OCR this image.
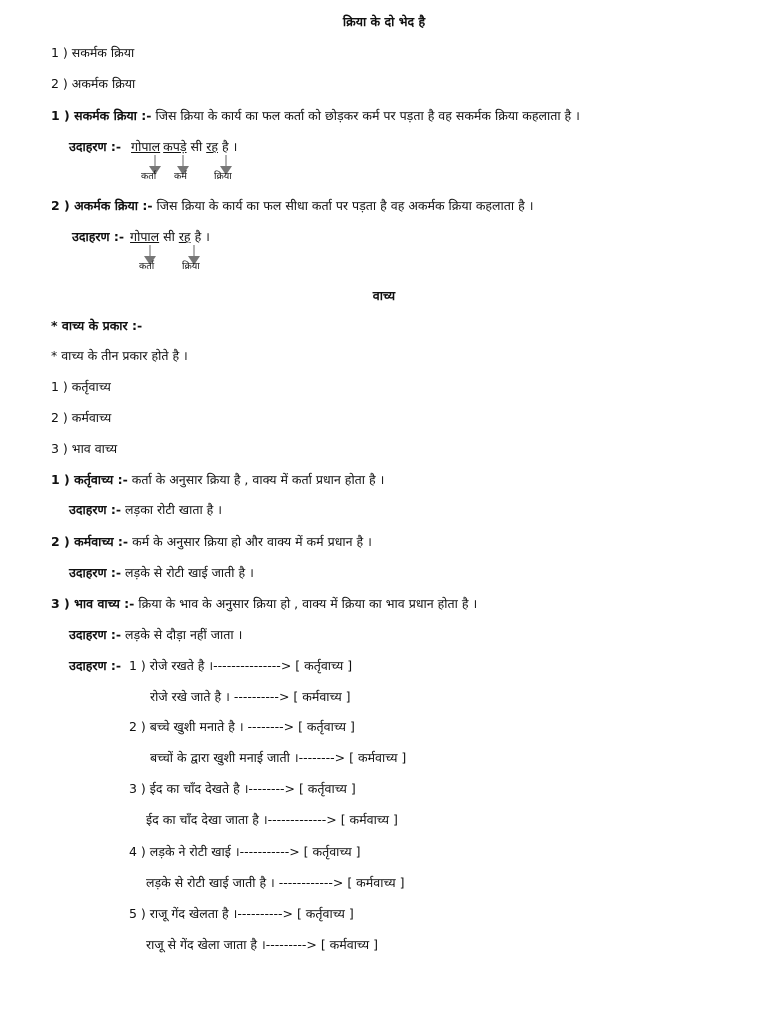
क्रिया के दो भेद है
1 ) सकर्मक क्रिया
2 ) अकर्मक क्रिया
1 ) सकर्मक क्रिया :- जिस क्रिया के कार्य का फल कर्ता को छोड़कर कर्म पर पड़ता है वह सकर्मक क्रिया कहलाता है ।
उदाहरण :- गोपाल कपड़े सी रह है ।
कर्ता कर्म	क्रिया
2 ) अकर्मक क्रिया :- जिस क्रिया के कार्य का फल सीधा कर्ता पर पड़ता है वह अकर्मक क्रिया कहलाता है ।
उदाहरण :- गोपाल सी रह है ।
कर्ता	क्रिया
वाच्य
* वाच्य के प्रकार :-
* वाच्य के तीन प्रकार होते है ।
1 ) कर्तृवाच्य
2 ) कर्मवाच्य
3 ) भाव वाच्य
1 ) कर्तृवाच्य :- कर्ता के अनुसार क्रिया है , वाक्य में कर्ता प्रधान होता है ।
उदाहरण :- लड़का रोटी खाता है ।
2 ) कर्मवाच्य :- कर्म के अनुसार क्रिया हो और वाक्य में कर्म प्रधान है ।
उदाहरण :- लड़के से रोटी खाई जाती है ।
3 ) भाव वाच्य :- क्रिया के भाव के अनुसार क्रिया हो , वाक्य में क्रिया का भाव प्रधान होता है ।
उदाहरण :- लड़के से दौड़ा नहीं जाता ।
उदाहरण :- 1 ) रोजे रखते है ।---------------> [ कर्तृवाच्य ]
रोजे रखे जाते है । ----------> [ कर्मवाच्य ]
2 ) बच्चे खुशी मनाते है । --------> [ कर्तृवाच्य ]
बच्चों के द्वारा खुशी मनाई जाती ।--------> [ कर्मवाच्य ]
3 ) ईद का चाँद देखते है ।--------> [ कर्तृवाच्य ]
ईद का चाँद देखा जाता है ।-------------> [ कर्मवाच्य ]
4 ) लड़के ने रोटी खाई ।-----------> [ कर्तृवाच्य ]
लड़के से रोटी खाई जाती है । ------------> [ कर्मवाच्य ]
5 ) राजू गेंद खेलता है ।----------> [ कर्तृवाच्य ]
राजू से गेंद खेला जाता है ।---------> [ कर्मवाच्य ]
